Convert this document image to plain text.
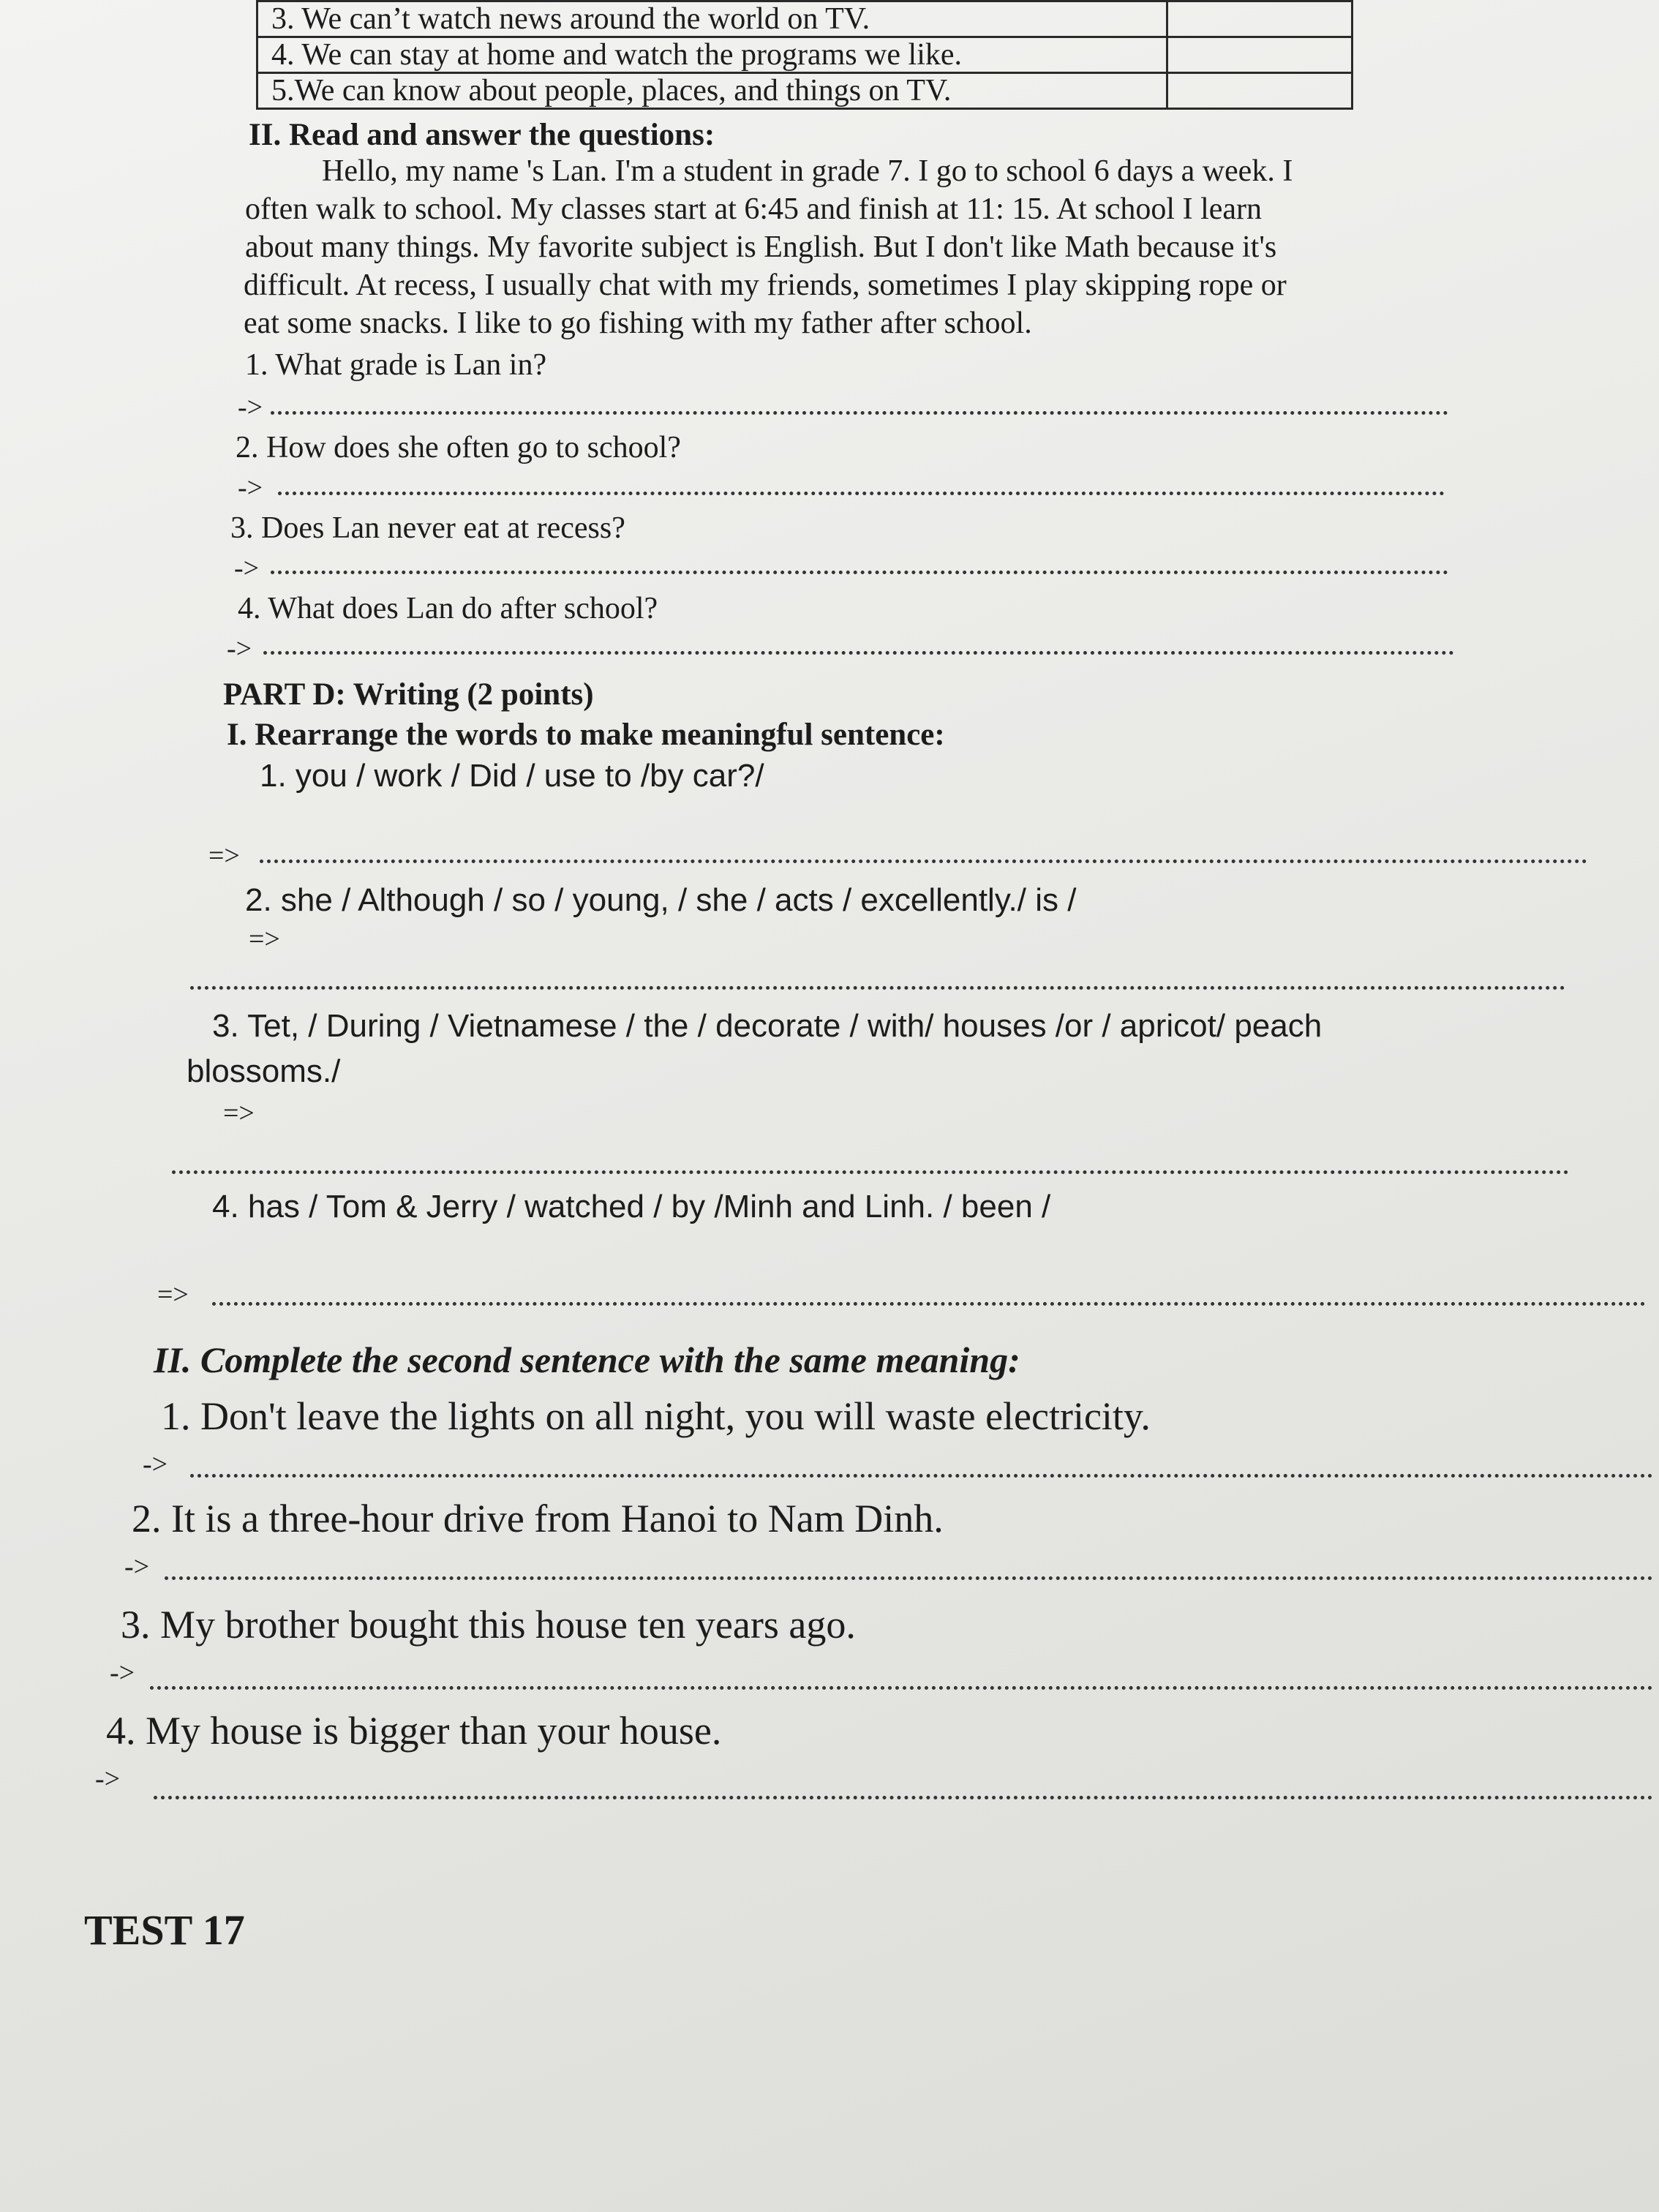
3. We can’t watch news around the world on TV.	
4. We can stay at home and watch the programs we like.	
5.We can know about people, places, and things on TV.	
II. Read and answer the questions:
Hello, my name 's Lan. I'm a student in grade 7. I go to school 6 days a week. I
often walk to school. My classes start at 6:45 and finish at 11: 15. At school I learn
about many things. My favorite subject is English. But I don't like Math because it's
difficult. At recess, I usually chat with my friends, sometimes I play skipping rope or
eat some snacks. I like to go fishing with my father after school.
1. What grade is Lan in?
->
2. How does she often go to school?
->
3. Does Lan never eat at recess?
->
4. What does Lan do after school?
->
PART D: Writing (2 points)
I. Rearrange the words to make meaningful sentence:
1. you / work / Did / use to /by car?/
=>
2. she / Although / so / young, / she / acts / excellently./ is /
=>
3. Tet, / During / Vietnamese / the / decorate / with/ houses /or / apricot/ peach
blossoms./
=>
4. has / Tom & Jerry / watched / by /Minh and Linh. / been /
=>
II. Complete the second sentence with the same meaning:
1. Don't leave the lights on all night, you will waste electricity.
->
2. It is a three-hour drive from Hanoi to Nam Dinh.
->
3. My brother bought this house ten years ago.
->
4. My house is bigger than your house.
->
TEST 17
